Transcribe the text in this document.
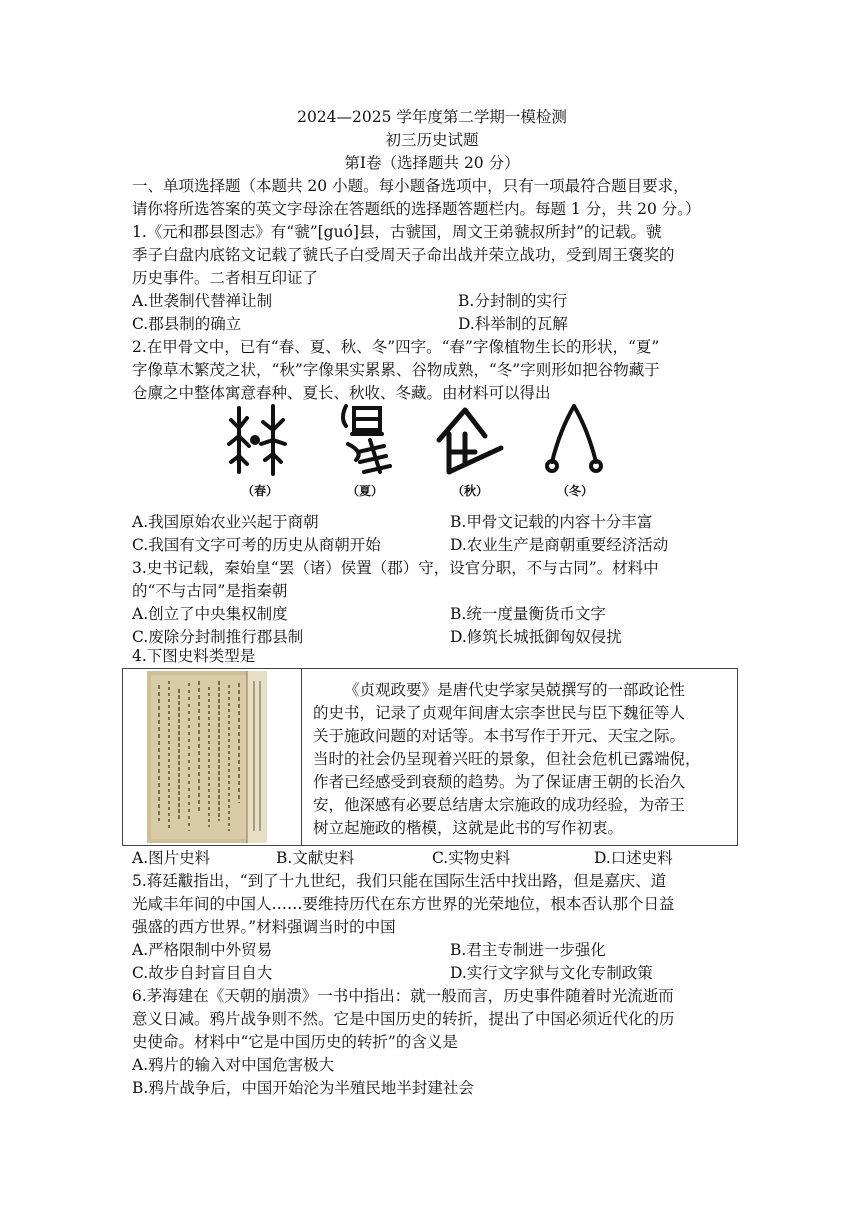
2024—2025 学年度第二学期一模检测
初三历史试题
第Ⅰ卷（选择题共 20 分）
一、单项选择题（本题共 20 小题。每小题备选项中，只有一项最符合题目要求，
请你将所选答案的英文字母涂在答题纸的选择题答题栏内。每题 1 分，共 20 分。）
1.《元和郡县图志》有“虢”[guó]县，古虢国，周文王弟虢叔所封”的记载。虢
季子白盘内底铭文记载了虢氏子白受周天子命出战并荣立战功，受到周王褒奖的
历史事件。二者相互印证了
A.世袭制代替禅让制	B.分封制的实行
C.郡县制的确立	D.科举制的瓦解
2.在甲骨文中，已有“春、夏、秋、冬”四字。“春”字像植物生长的形状，“夏”
字像草木繁茂之状，“秋”字像果实累累、谷物成熟，“冬”字则形如把谷物藏于
仓廪之中整体寓意春种、夏长、秋收、冬藏。由材料可以得出
（春）	（夏）	（秋）	（冬）
A.我国原始农业兴起于商朝	B.甲骨文记载的内容十分丰富
C.我国有文字可考的历史从商朝开始	D.农业生产是商朝重要经济活动
3.史书记载，秦始皇“罢（诸）侯置（郡）守，设官分职，不与古同”。材料中
的“不与古同”是指秦朝
A.创立了中央集权制度	B.统一度量衡货币文字
C.废除分封制推行郡县制	D.修筑长城抵御匈奴侵扰
4.下图史料类型是
《贞观政要》是唐代史学家吴兢撰写的一部政论性
的史书，记录了贞观年间唐太宗李世民与臣下魏征等人
关于施政问题的对话等。本书写作于开元、天宝之际。
当时的社会仍呈现着兴旺的景象，但社会危机已露端倪，
作者已经感受到衰颓的趋势。为了保证唐王朝的长治久
安，他深感有必要总结唐太宗施政的成功经验，为帝王
树立起施政的楷模，这就是此书的写作初衷。
A.图片史料	B.文献史料	C.实物史料	D.口述史料
5.蒋廷黻指出，“到了十九世纪，我们只能在国际生活中找出路，但是嘉庆、道
光咸丰年间的中国人……要维持历代在东方世界的光荣地位，根本否认那个日益
强盛的西方世界。”材料强调当时的中国
A.严格限制中外贸易	B.君主专制进一步强化
C.故步自封盲目自大	D.实行文字狱与文化专制政策
6.茅海建在《天朝的崩溃》一书中指出：就一般而言，历史事件随着时光流逝而
意义日减。鸦片战争则不然。它是中国历史的转折，提出了中国必须近代化的历
史使命。材料中“它是中国历史的转折”的含义是
A.鸦片的输入对中国危害极大
B.鸦片战争后，中国开始沦为半殖民地半封建社会
